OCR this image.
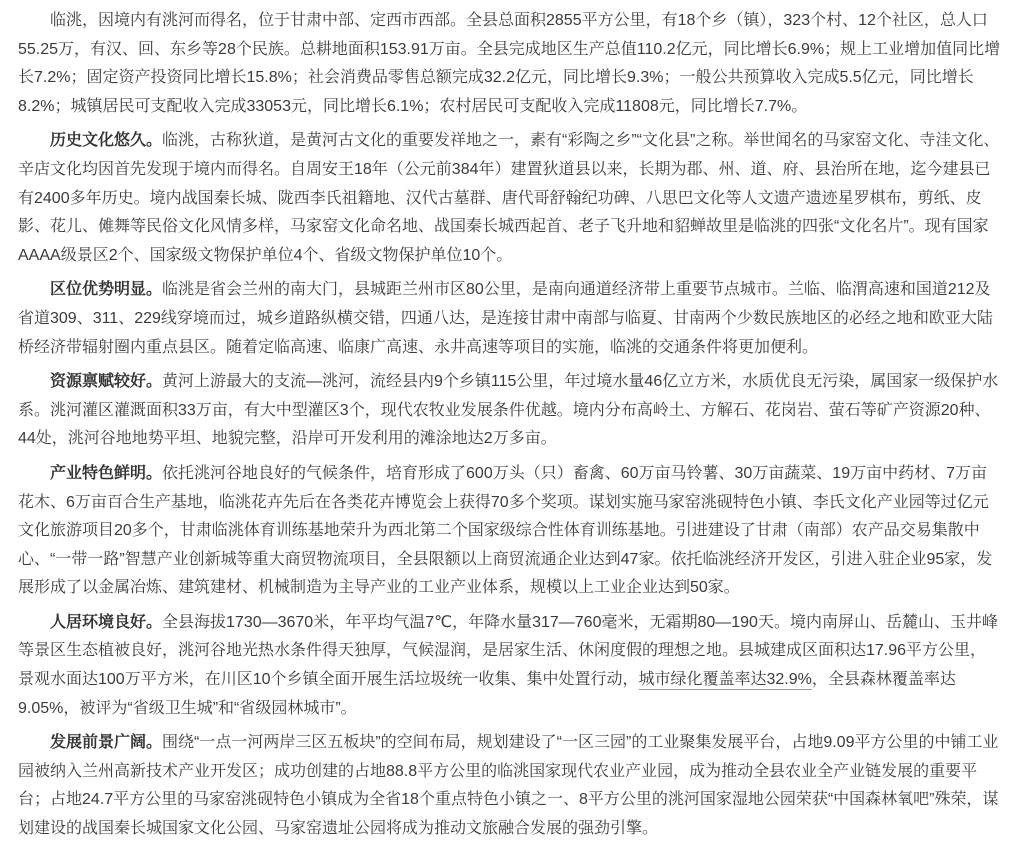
临洮，因境内有洮河而得名，位于甘肃中部、定西市西部。全县总面积2855平方公里，有18个乡（镇），323个村、12个社区，总人口55.25万，有汉、回、东乡等28个民族。总耕地面积153.91万亩。全县完成地区生产总值110.2亿元，同比增长6.9%；规上工业增加值同比增长7.2%；固定资产投资同比增长15.8%；社会消费品零售总额完成32.2亿元，同比增长9.3%；一般公共预算收入完成5.5亿元，同比增长8.2%；城镇居民可支配收入完成33053元，同比增长6.1%；农村居民可支配收入完成11808元，同比增长7.7%。

历史文化悠久。临洮，古称狄道，是黄河古文化的重要发祥地之一，素有“彩陶之乡”“文化县”之称。举世闻名的马家窑文化、寺洼文化、辛店文化均因首先发现于境内而得名。自周安王18年（公元前384年）建置狄道县以来，长期为郡、州、道、府、县治所在地，迄今建县已有2400多年历史。境内战国秦长城、陇西李氏祖籍地、汉代古墓群、唐代哥舒翰纪功碑、八思巴文化等人文遗产遗迹星罗棋布，剪纸、皮影、花儿、傩舞等民俗文化风情多样，马家窑文化命名地、战国秦长城西起首、老子飞升地和貂蝉故里是临洮的四张“文化名片”。现有国家AAAA级景区2个、国家级文物保护单位4个、省级文物保护单位10个。

区位优势明显。临洮是省会兰州的南大门，县城距兰州市区80公里，是南向通道经济带上重要节点城市。兰临、临渭高速和国道212及省道309、311、229线穿境而过，城乡道路纵横交错，四通八达，是连接甘肃中南部与临夏、甘南两个少数民族地区的必经之地和欧亚大陆桥经济带辐射圈内重点县区。随着定临高速、临康广高速、永井高速等项目的实施，临洮的交通条件将更加便利。

资源禀赋较好。黄河上游最大的支流—洮河，流经县内9个乡镇115公里，年过境水量46亿立方米，水质优良无污染，属国家一级保护水系。洮河灌区灌溉面积33万亩，有大中型灌区3个，现代农牧业发展条件优越。境内分布高岭土、方解石、花岗岩、萤石等矿产资源20种、44处，洮河谷地地势平坦、地貌完整，沿岸可开发利用的滩涂地达2万多亩。

产业特色鲜明。依托洮河谷地良好的气候条件，培育形成了600万头（只）畜禽、60万亩马铃薯、30万亩蔬菜、19万亩中药材、7万亩花木、6万亩百合生产基地，临洮花卉先后在各类花卉博览会上获得70多个奖项。谋划实施马家窑洮砚特色小镇、李氏文化产业园等过亿元文化旅游项目20多个，甘肃临洮体育训练基地荣升为西北第二个国家级综合性体育训练基地。引进建设了甘肃（南部）农产品交易集散中心、“一带一路”智慧产业创新城等重大商贸物流项目，全县限额以上商贸流通企业达到47家。依托临洮经济开发区，引进入驻企业95家，发展形成了以金属冶炼、建筑建材、机械制造为主导产业的工业产业体系，规模以上工业企业达到50家。

人居环境良好。全县海拔1730—3670米，年平均气温7℃，年降水量317—760毫米，无霜期80—190天。境内南屏山、岳麓山、玉井峰等景区生态植被良好，洮河谷地光热水条件得天独厚，气候湿润，是居家生活、休闲度假的理想之地。县城建成区面积达17.96平方公里，景观水面达100万平方米，在川区10个乡镇全面开展生活垃圾统一收集、集中处置行动，城市绿化覆盖率达32.9%，全县森林覆盖率达9.05%，被评为“省级卫生城”和“省级园林城市”。

发展前景广阔。围绕“一点一河两岸三区五板块”的空间布局，规划建设了“一区三园”的工业聚集发展平台，占地9.09平方公里的中铺工业园被纳入兰州高新技术产业开发区；成功创建的占地88.8平方公里的临洮国家现代农业产业园，成为推动全县农业全产业链发展的重要平台；占地24.7平方公里的马家窑洮砚特色小镇成为全省18个重点特色小镇之一、8平方公里的洮河国家湿地公园荣获“中国森林氧吧”殊荣，谋划建设的战国秦长城国家文化公园、马家窑遗址公园将成为推动文旅融合发展的强劲引擎。
